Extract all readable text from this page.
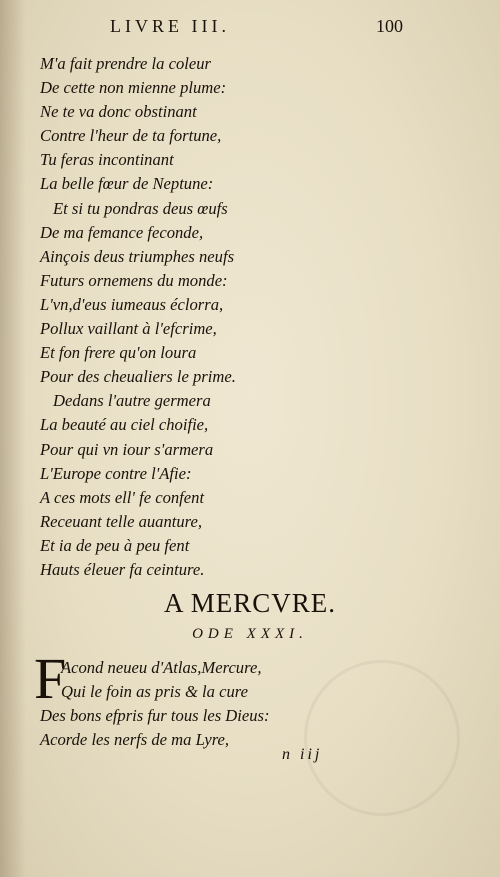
LIVRE III.	100
M'a fait prendre la coleur
De cette non mienne plume:
Ne te va donc obstinant
Contre l'heur de ta fortune,
Tu feras incontinant
La belle fœur de Neptune:
Et si tu pondras deus œufs
De ma femance feconde,
Ainçois deus triumphes neufs
Futurs ornemens du monde:
L'vn,d'eus iumeaus éclorra,
Pollux vaillant à l'efcrime,
Et fon frere qu'on loura
Pour des cheualiers le prime.
Dedans l'autre germera
La beauté au ciel choifie,
Pour qui vn iour s'armera
L'Europe contre l'Afie:
A ces mots ell' fe confent
Receuant telle auanture,
Et ia de peu à peu fent
Hauts éleuer fa ceinture.
A MERCVRE.
ODE XXXI.
F
Acond neueu d'Atlas,Mercure,
Qui le foin as pris & la cure
Des bons efpris fur tous les Dieus:
Acorde les nerfs de ma Lyre,
n iij
